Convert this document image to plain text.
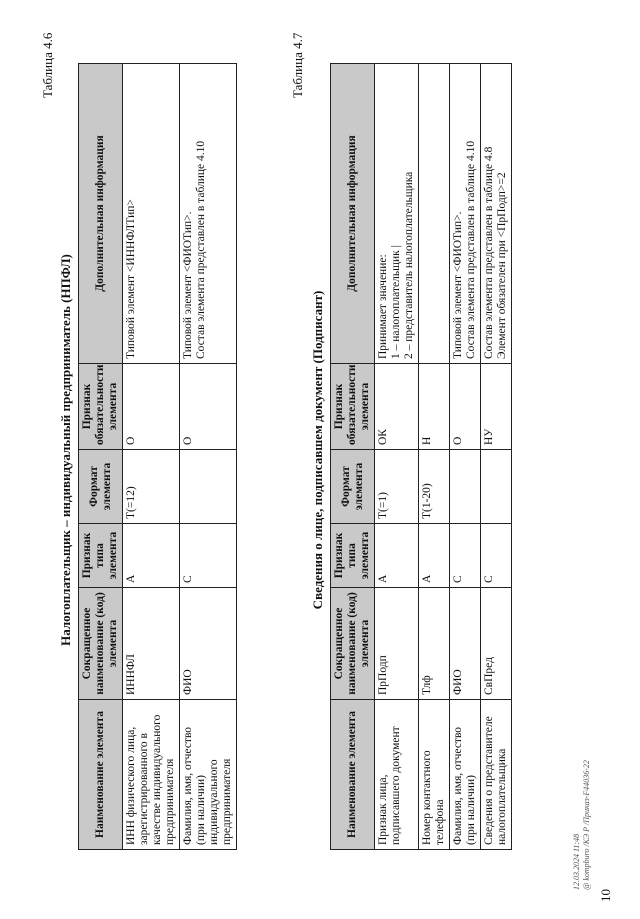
10
Таблица 4.6
Налогоплательщик – индивидуальный предприниматель (НПФЛ)
Наименование элемента	Сокращенное наименование (код) элемента	Признак типа элемента	Формат элемента	Признак обязательности элемента	Дополнительная информация
ИНН физического лица, зарегистрированного в качестве индивидуального предпринимателя	ИННФЛ	А	Т(=12)	О	Типовой элемент <ИННФЛТип>
Фамилия, имя, отчество (при наличии) индивидуального предпринимателя	ФИО	С		О	Типовой элемент <ФИОТип>.
Состав элемента представлен в таблице 4.10
Таблица 4.7
Сведения о лице, подписавшем документ (Подписант)
Наименование элемента	Сокращенное наименование (код) элемента	Признак типа элемента	Формат элемента	Признак обязательности элемента	Дополнительная информация
Признак лица, подписавшего документ	ПрПодп	А	Т(=1)	ОК	Принимает значение:
1 – налогоплательщик |
2 – представитель налогоплательщика
Номер контактного телефона	Тлф	А	Т(1-20)	Н	
Фамилия, имя, отчество (при наличии)	ФИО	С		О	Типовой элемент <ФИОТип>.
Состав элемента представлен в таблице 4.10
Сведения о представителе налогоплательщика	СвПред	С		НУ	Состав элемента представлен в таблице 4.8
Элемент обязателен при <ПрПодп>=2
12.03.2024 11:48
@ kompburo /КЭ Р /Приказ-F44036-22
